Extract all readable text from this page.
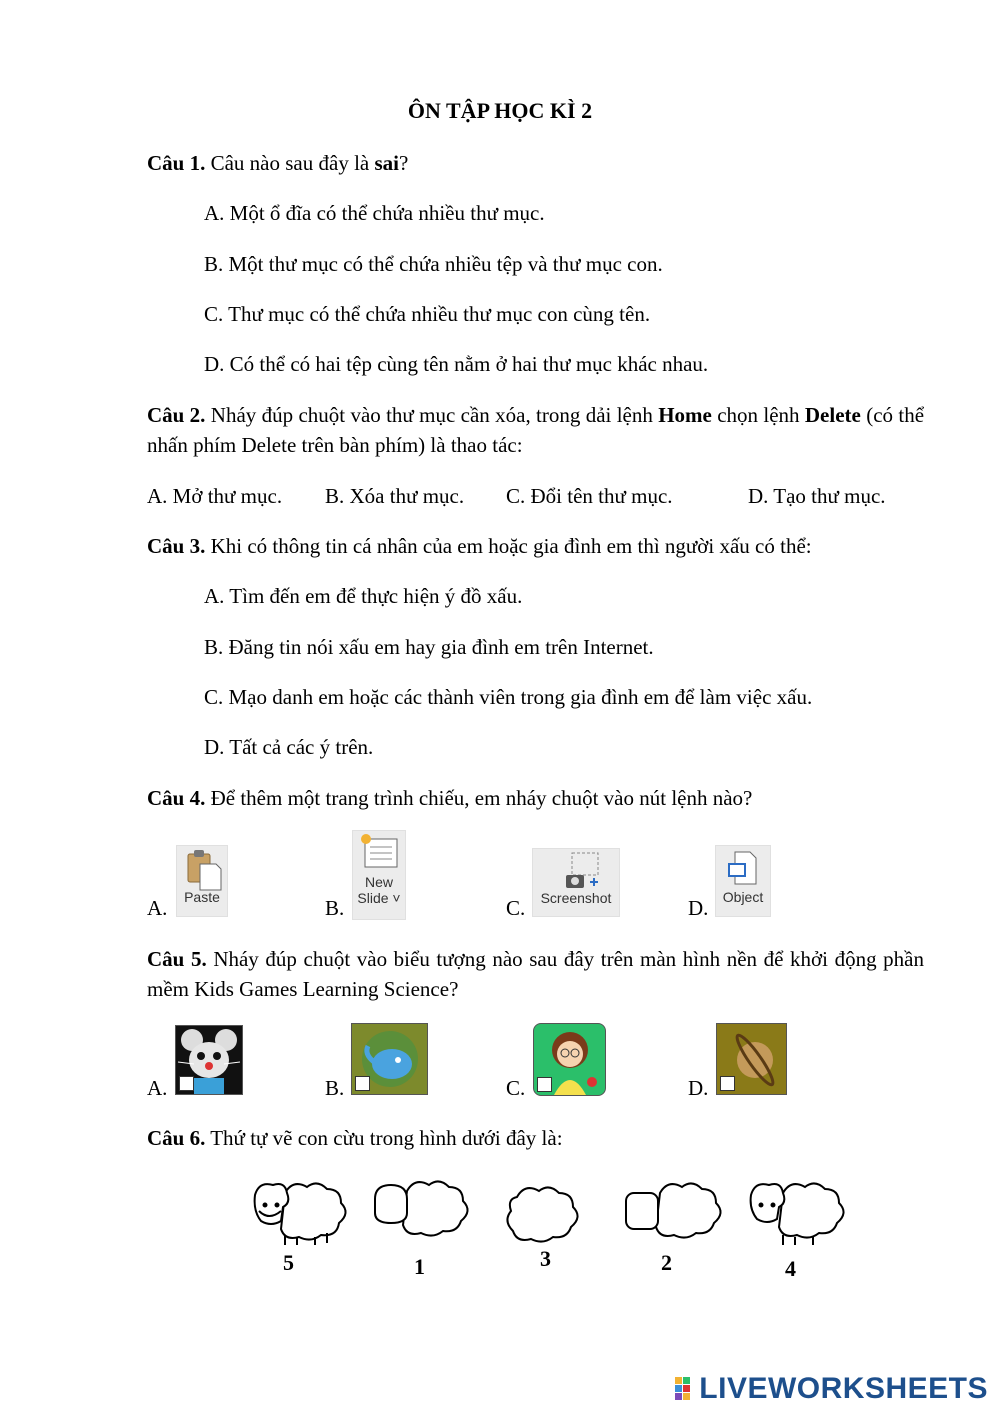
ÔN TẬP HỌC KÌ 2
Câu 1. Câu nào sau đây là sai?
A. Một ổ đĩa có thể chứa nhiều thư mục.
B. Một thư mục có thể chứa nhiều tệp và thư mục con.
C. Thư mục có thể chứa nhiều thư mục con cùng tên.
D. Có thể có hai tệp cùng tên nằm ở hai thư mục khác nhau.
Câu 2. Nháy đúp chuột vào thư mục cần xóa, trong dải lệnh Home chọn lệnh Delete (có thể nhấn phím Delete trên bàn phím) là thao tác:
A. Mở thư mục. B. Xóa thư mục. C. Đổi tên thư mục.	D. Tạo thư mục.
Câu 3. Khi có thông tin cá nhân của em hoặc gia đình em thì người xấu có thể:
A. Tìm đến em để thực hiện ý đồ xấu.
B. Đăng tin nói xấu em hay gia đình em trên Internet.
C. Mạo danh em hoặc các thành viên trong gia đình em để làm việc xấu.
D. Tất cả các ý trên.
Câu 4. Để thêm một trang trình chiếu, em nháy chuột vào nút lệnh nào?
A.	Paste	B.
New
Slide ˅	C.	Screenshot	D.	Object
Câu 5. Nháy đúp chuột vào biểu tượng nào sau đây trên màn hình nền để khởi động phần mềm Kids Games Learning Science?
A.	B.	C.	D.
Câu 6. Thứ tự vẽ con cừu trong hình dưới đây là:
5	1	3	2	4
LIVEWORKSHEETS
